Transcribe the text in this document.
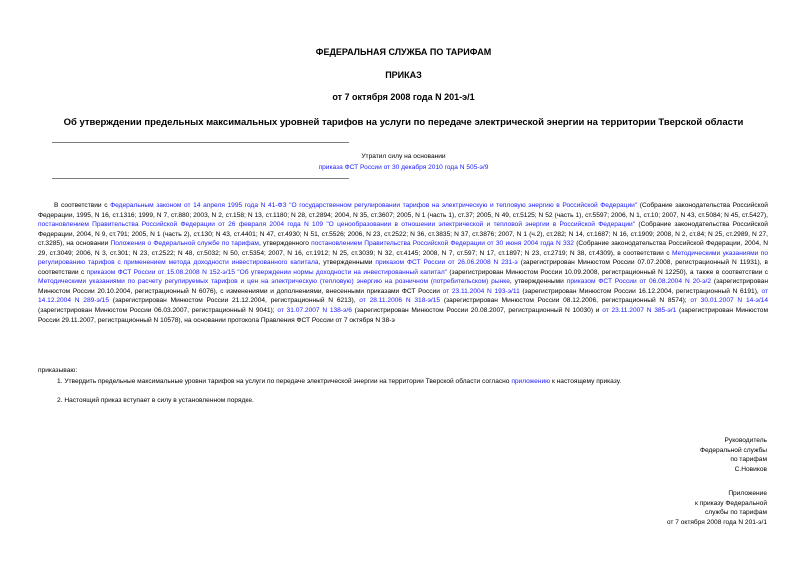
ФЕДЕРАЛЬНАЯ СЛУЖБА ПО ТАРИФАМ
ПРИКАЗ
от 7 октября 2008 года N 201-э/1
Об утверждении предельных максимальных уровней тарифов на услуги по передаче электрической энергии на территории Тверской области
Утратил силу на основании
приказа ФСТ России от 30 декабря 2010 года N 505-э/9
В соответствии с Федеральным законом от 14 апреля 1995 года N 41-ФЗ "О государственном регулировании тарифов на электрическую и тепловую энергию в Российской Федерации" (Собрание законодательства Российской Федерации, 1995, N 16, ст.1316; 1999, N 7, ст.880; 2003, N 2, ст.158; N 13, ст.1180; N 28, ст.2894; 2004, N 35, ст.3607; 2005, N 1 (часть 1), ст.37; 2005, N 49, ст.5125; N 52 (часть 1), ст.5597; 2006, N 1, ст.10; 2007, N 43, ст.5084; N 45, ст.5427), постановлением Правительства Российской Федерации от 26 февраля 2004 года N 109 "О ценообразовании в отношении электрической и тепловой энергии в Российской Федерации" (Собрание законодательства Российской Федерации, 2004, N 9, ст.791; 2005, N 1 (часть 2), ст.130; N 43, ст.4401; N 47, ст.4930; N 51, ст.5526; 2006, N 23, ст.2522; N 36, ст.3835; N 37, ст.3876; 2007, N 1 (ч.2), ст.282; N 14, ст.1687; N 16, ст.1909; 2008, N 2, ст.84; N 25, ст.2989, N 27, ст.3285), на основании Положения о Федеральной службе по тарифам, утвержденного постановлением Правительства Российской Федерации от 30 июня 2004 года N 332 (Собрание законодательства Российской Федерации, 2004, N 29, ст.3049; 2006, N 3, ст.301; N 23, ст.2522; N 48, ст.5032; N 50, ст.5354; 2007, N 16, ст.1912; N 25, ст.3039; N 32, ст.4145; 2008, N 7, ст.597; N 17, ст.1897; N 23, ст.2719; N 38, ст.4309), в соответствии с Методическими указаниями по регулированию тарифов с применением метода доходности инвестированного капитала, утвержденными приказом ФСТ России от 26.06.2008 N 231-э (зарегистрирован Минюстом России 07.07.2008, регистрационный N 11931), в соответствии с приказом ФСТ России от 15.08.2008 N 152-э/15 "Об утверждении нормы доходности на инвестированный капитал" (зарегистрирован Минюстом России 10.09.2008, регистрационный N 12250), а также в соответствии с Методическими указаниями по расчету регулируемых тарифов и цен на электрическую (тепловую) энергию на розничном (потребительском) рынке, утвержденными приказом ФСТ России от 06.08.2004 N 20-э/2 (зарегистрирован Минюстом России 20.10.2004, регистрационный N 6076), с изменениями и дополнениями, внесенными приказами ФСТ России от 23.11.2004 N 193-э/11 (зарегистрирован Минюстом России 16.12.2004, регистрационный N 6191), от 14.12.2004 N 289-э/15 (зарегистрирован Минюстом России 21.12.2004, регистрационный N 6213), от 28.11.2006 N 318-э/15 (зарегистрирован Минюстом России 08.12.2006, регистрационный N 8574); от 30.01.2007 N 14-э/14 (зарегистрирован Минюстом России 06.03.2007, регистрационный N 9041); от 31.07.2007 N 138-э/6 (зарегистрирован Минюстом России 20.08.2007, регистрационный N 10030) и от 23.11.2007 N 385-э/1 (зарегистрирован Минюстом России 29.11.2007, регистрационный N 10578), на основании протокола Правления ФСТ России от 7 октября N 38-э
приказываю:
1. Утвердить предельные максимальные уровни тарифов на услуги по передаче электрической энергии на территории Тверской области согласно приложению к настоящему приказу.
2. Настоящий приказ вступает в силу в установленном порядке.
Руководитель
Федеральной службы
по тарифам
С.Новиков
Приложение
к приказу Федеральной
службы по тарифам
от 7 октября 2008 года N 201-э/1
